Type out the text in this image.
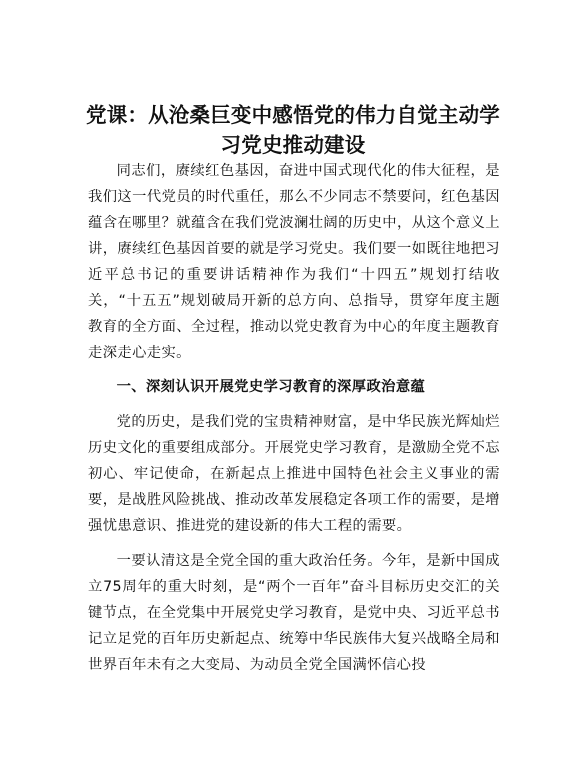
党课：从沧桑巨变中感悟党的伟力自觉主动学习党史推动建设

同志们，赓续红色基因，奋进中国式现代化的伟大征程，是我们这一代党员的时代重任，那么不少同志不禁要问，红色基因蕴含在哪里？就蕴含在我们党波澜壮阔的历史中，从这个意义上讲，赓续红色基因首要的就是学习党史。我们要一如既往地把习近平总书记的重要讲话精神作为我们“十四五”规划打结收关，“十五五”规划破局开新的总方向、总指导，贯穿年度主题教育的全方面、全过程，推动以党史教育为中心的年度主题教育走深走心走实。

一、深刻认识开展党史学习教育的深厚政治意蕴

党的历史，是我们党的宝贵精神财富，是中华民族光辉灿烂历史文化的重要组成部分。开展党史学习教育，是激励全党不忘初心、牢记使命，在新起点上推进中国特色社会主义事业的需要，是战胜风险挑战、推动改革发展稳定各项工作的需要，是增强忧患意识、推进党的建设新的伟大工程的需要。

一要认清这是全党全国的重大政治任务。今年，是新中国成立75周年的重大时刻，是“两个一百年”奋斗目标历史交汇的关键节点，在全党集中开展党史学习教育，是党中央、习近平总书记立足党的百年历史新起点、统筹中华民族伟大复兴战略全局和世界百年未有之大变局、为动员全党全国满怀信心投
